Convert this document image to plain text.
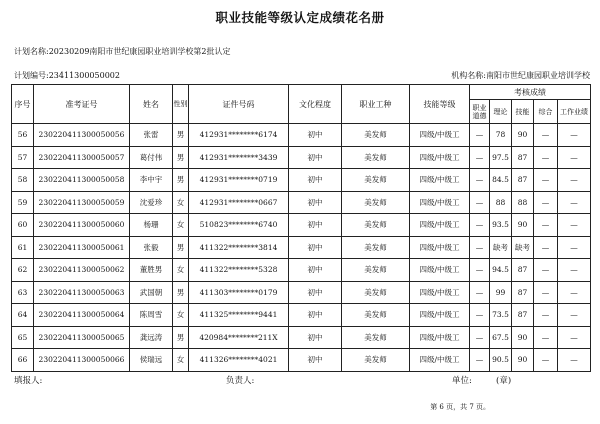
职业技能等级认定成绩花名册
计划名称:20230209南阳市世纪康园职业培训学校第2批认定
计划编号:23411300050002	机构名称:南阳市世纪康园职业培训学校
序号	准考证号	姓名	性别	证件号码	文化程度	职业工种	技能等级	考核成绩				
								职业道德	理论	技能	综合	工作业绩
56	230220411300050056	张雷	男	412931********6174	初中	美发师	四级/中级工	—	78	90	—	—
57	230220411300050057	葛付伟	男	412931********3439	初中	美发师	四级/中级工	—	97.5	87	—	—
58	230220411300050058	李中宇	男	412931********0719	初中	美发师	四级/中级工	—	84.5	87	—	—
59	230220411300050059	沈爱珍	女	412931********0667	初中	美发师	四级/中级工	—	88	88	—	—
60	230220411300050060	杨珊	女	510823********6740	初中	美发师	四级/中级工	—	93.5	90	—	—
61	230220411300050061	张毅	男	411322********3814	初中	美发师	四级/中级工	—	缺考	缺考	—	—
62	230220411300050062	董胜男	女	411322********5328	初中	美发师	四级/中级工	—	94.5	87	—	—
63	230220411300050063	武国朝	男	411303********0179	初中	美发师	四级/中级工	—	99	87	—	—
64	230220411300050064	陈周雪	女	411325********9441	初中	美发师	四级/中级工	—	73.5	87	—	—
65	230220411300050065	龚远涛	男	420984********211X	初中	美发师	四级/中级工	—	67.5	90	—	—
66	230220411300050066	侯瑞远	女	411326********4021	初中	美发师	四级/中级工	—	90.5	90	—	—
填报人:	负责人:	单位:	(章)
第 6 页，共 7 页。
